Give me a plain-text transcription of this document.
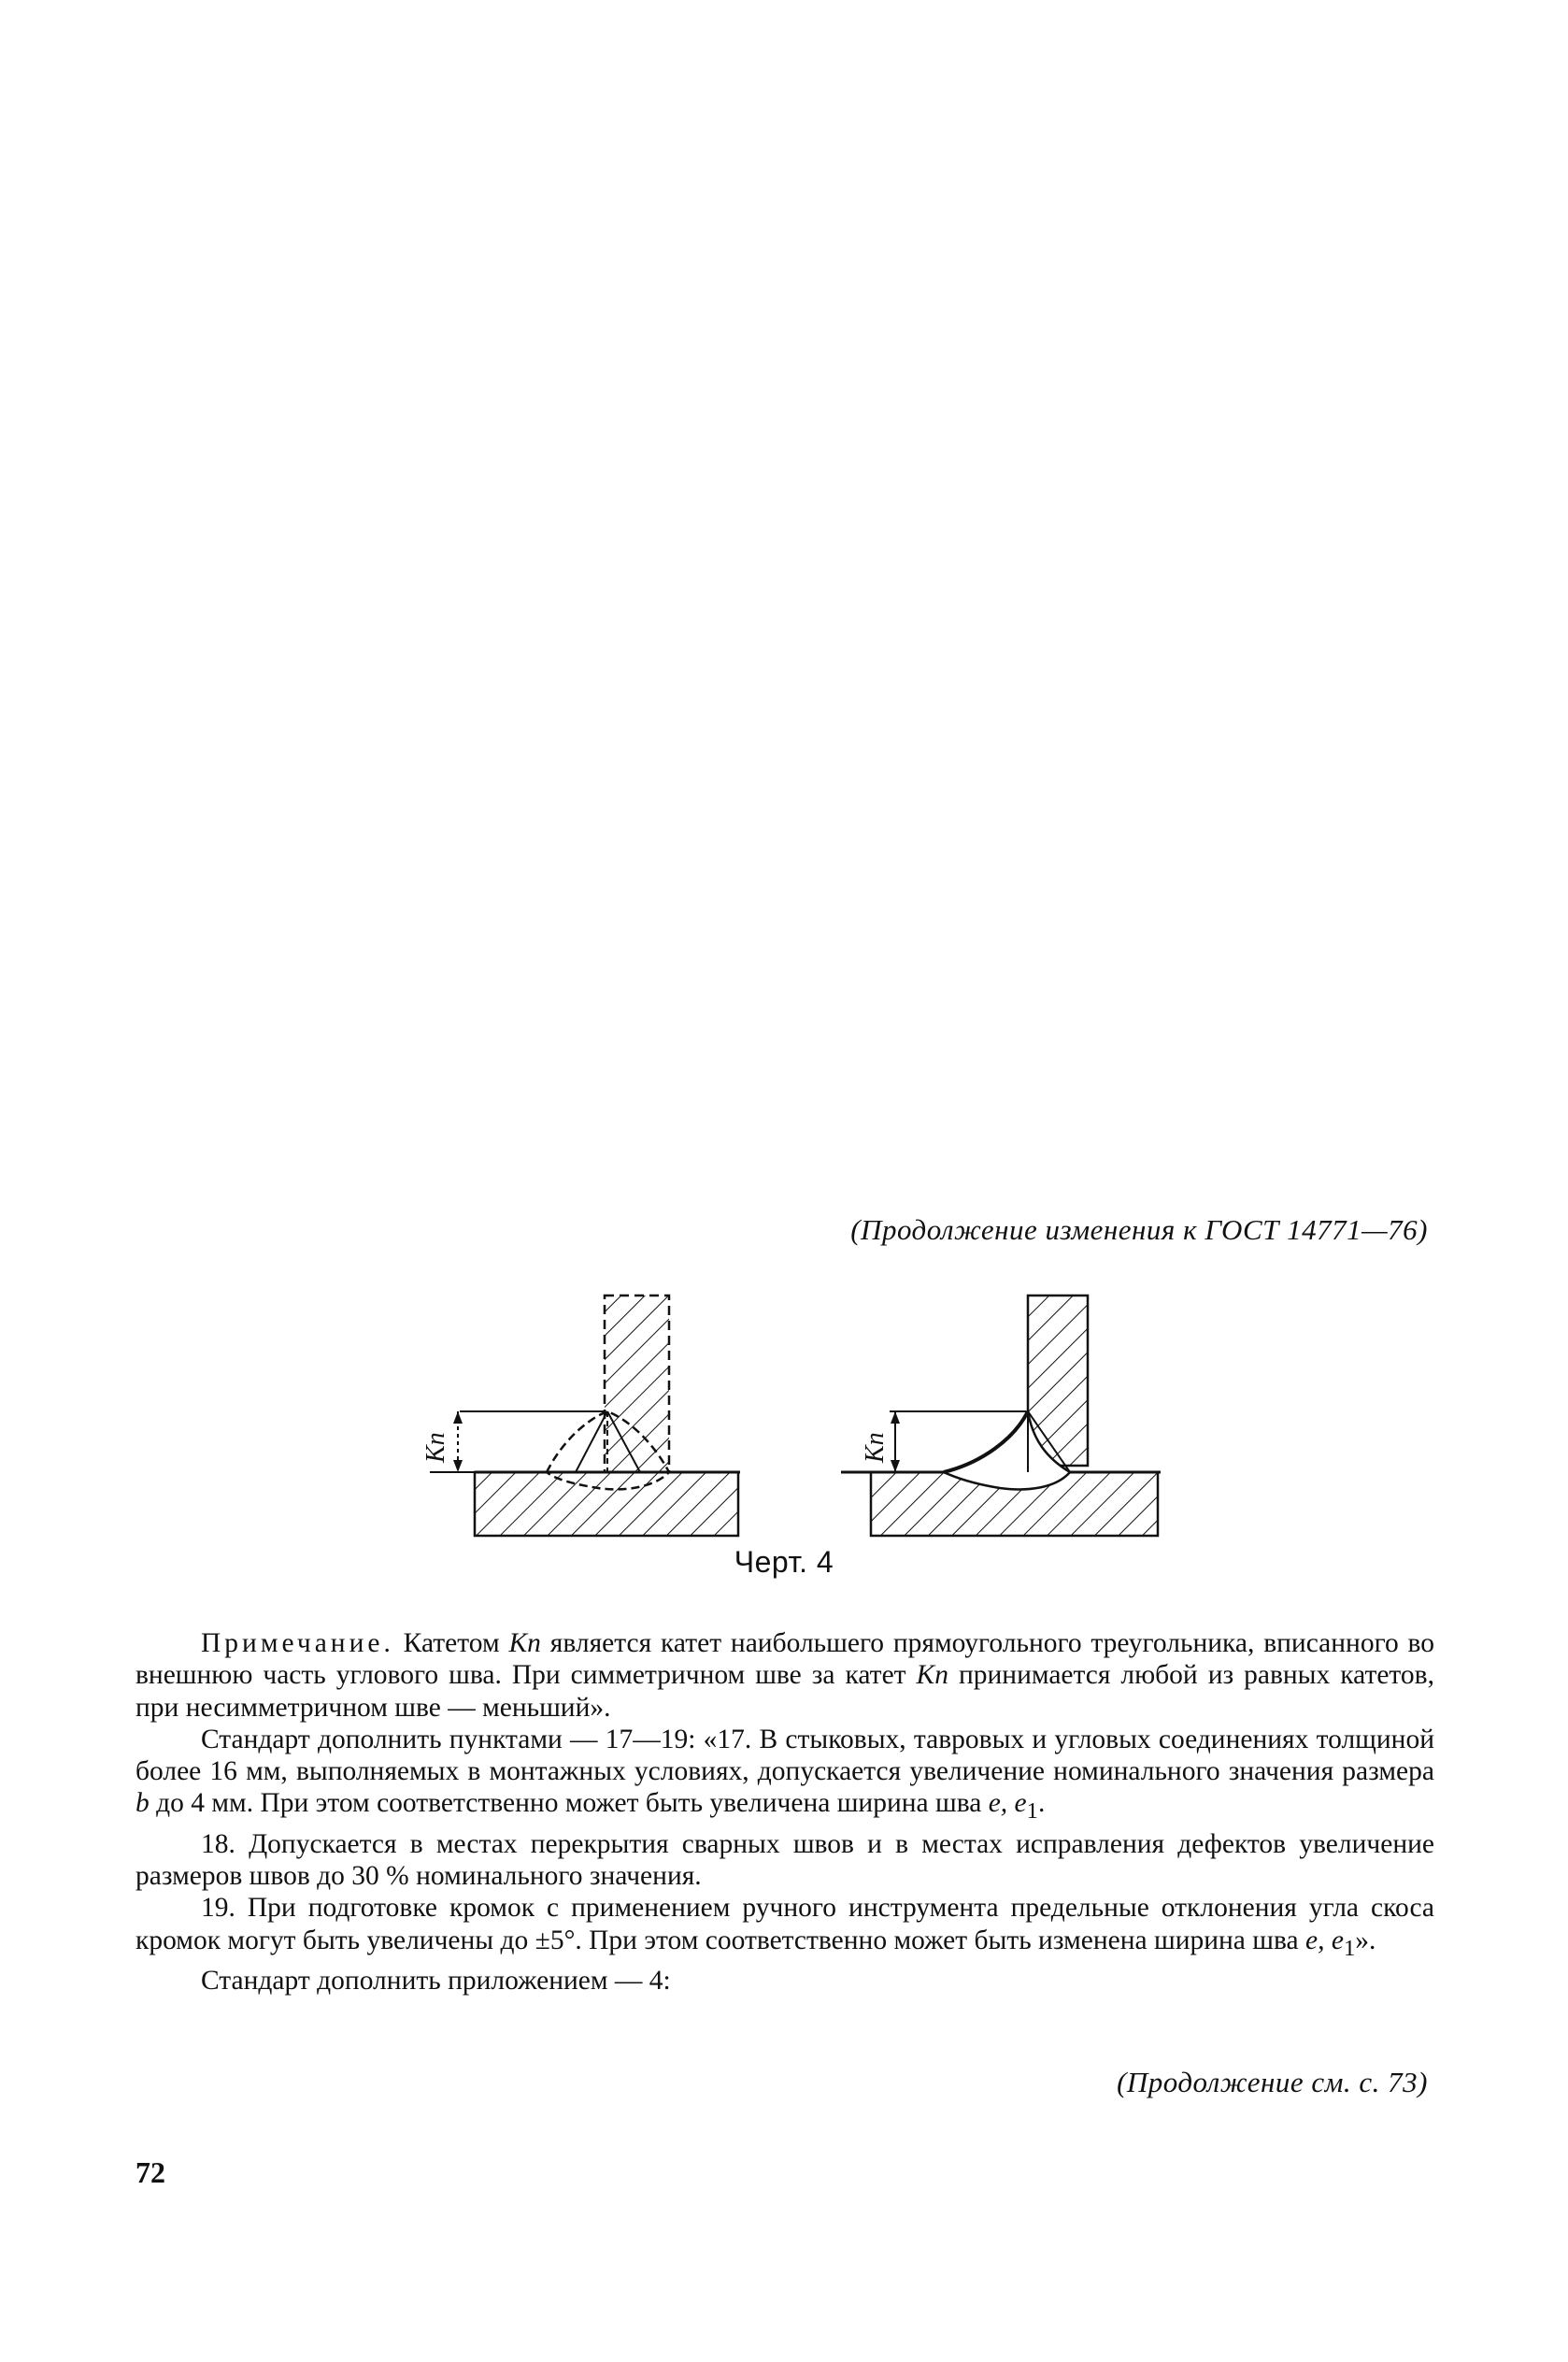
(Продолжение изменения к ГОСТ 14771—76)
Kп	Kп
Черт. 4

Примечание. Катетом Kп является катет наибольшего прямоугольного треугольника, вписанного во внешнюю часть углового шва. При симметричном шве за катет Kп принимается любой из равных катетов, при несимметричном шве — меньший».

Стандарт дополнить пунктами — 17—19: «17. В стыковых, тавровых и угловых соединениях толщиной более 16 мм, выполняемых в монтажных условиях, допускается увеличение номинального значения размера b до 4 мм. При этом соответственно может быть увеличена ширина шва e, $e_1$.

18. Допускается в местах перекрытия сварных швов и в местах исправления дефектов увеличение размеров швов до 30 % номинального значения.

19. При подготовке кромок с применением ручного инструмента предельные отклонения угла скоса кромок могут быть увеличены до ±5°. При этом соответственно может быть изменена ширина шва e, $e_1$».

Стандарт дополнить приложением — 4:

(Продолжение см. с. 73)
72
